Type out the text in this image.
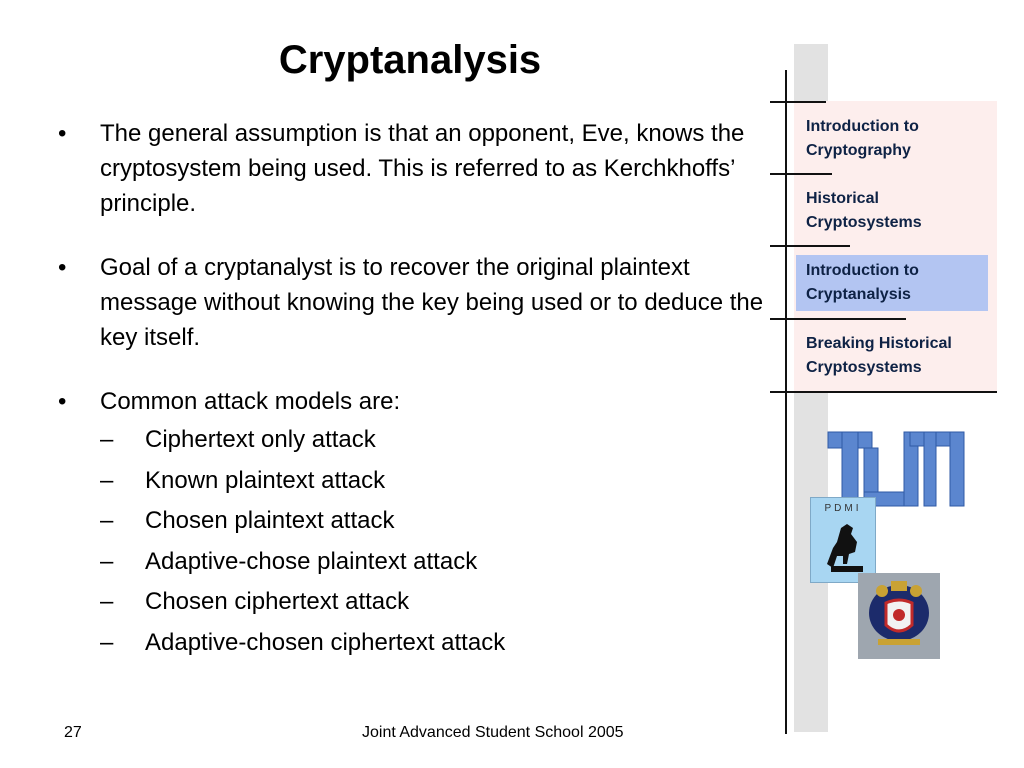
Cryptanalysis
• The general assumption is that an opponent, Eve, knows the cryptosystem being used. This is referred to as Kerchkhoffs’ principle.
• Goal of a cryptanalyst is to recover the original plaintext message without knowing the key being used or to deduce the key itself.
• Common attack models are:
– Ciphertext only attack
– Known plaintext attack
– Chosen plaintext attack
– Adaptive-chose plaintext attack
– Chosen ciphertext attack
– Adaptive-chosen ciphertext attack
Introduction to
Cryptography
Historical
Cryptosystems
Introduction to
Cryptanalysis
Breaking Historical
Cryptosystems
PDMI
27	Joint Advanced Student School 2005
